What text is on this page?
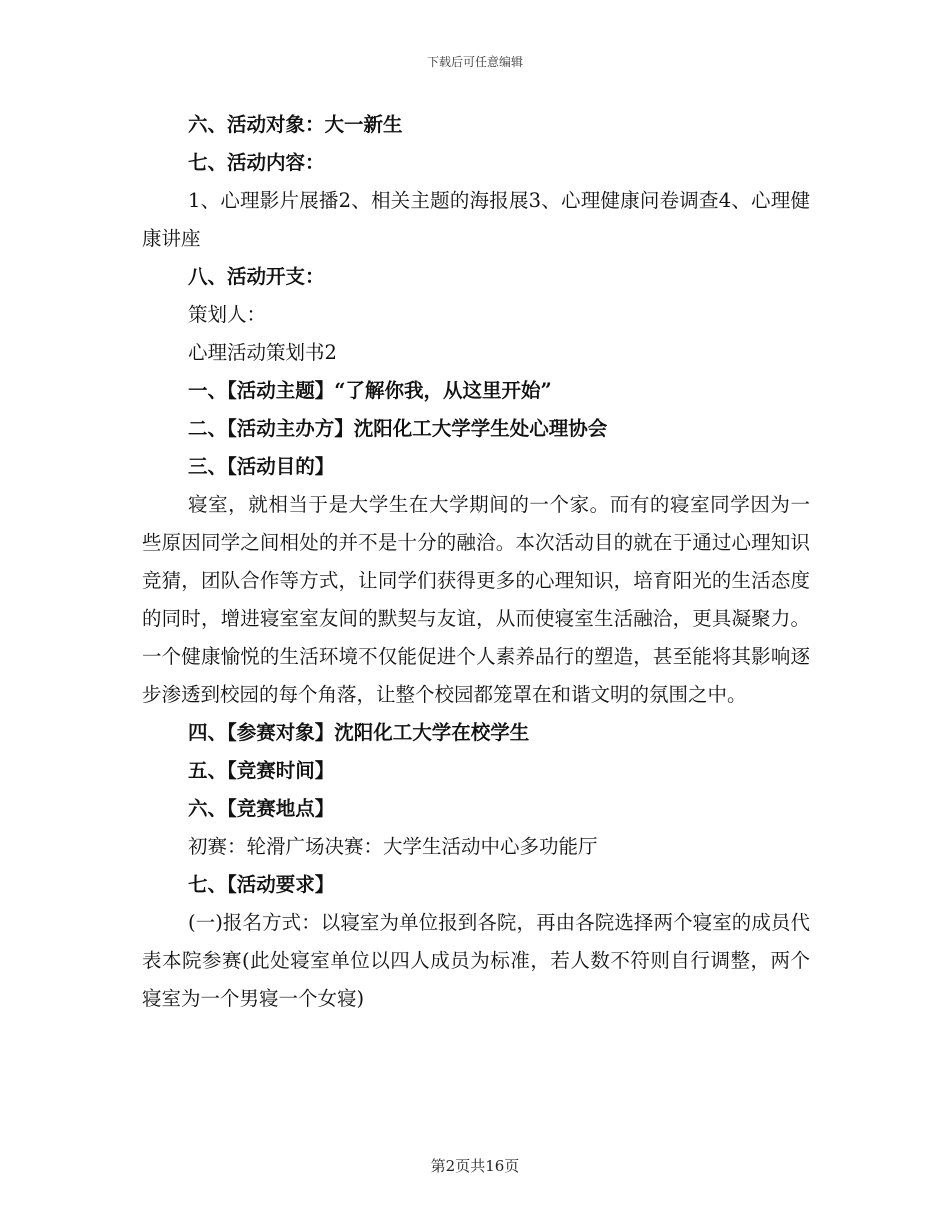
下载后可任意编辑

六、活动对象：大一新生

七、活动内容：

1、心理影片展播2、相关主题的海报展3、心理健康问卷调查4、心理健康讲座

八、活动开支：

策划人：

心理活动策划书2

一、【活动主题】“了解你我，从这里开始”

二、【活动主办方】沈阳化工大学学生处心理协会

三、【活动目的】

寝室，就相当于是大学生在大学期间的一个家。而有的寝室同学因为一些原因同学之间相处的并不是十分的融洽。本次活动目的就在于通过心理知识竞猜，团队合作等方式，让同学们获得更多的心理知识，培育阳光的生活态度的同时，增进寝室室友间的默契与友谊，从而使寝室生活融洽，更具凝聚力。一个健康愉悦的生活环境不仅能促进个人素养品行的塑造，甚至能将其影响逐步渗透到校园的每个角落，让整个校园都笼罩在和谐文明的氛围之中。

四、【参赛对象】沈阳化工大学在校学生

五、【竞赛时间】

六、【竞赛地点】

初赛：轮滑广场决赛：大学生活动中心多功能厅

七、【活动要求】

(一)报名方式：以寝室为单位报到各院，再由各院选择两个寝室的成员代表本院参赛(此处寝室单位以四人成员为标准，若人数不符则自行调整，两个寝室为一个男寝一个女寝)

第2页共16页
